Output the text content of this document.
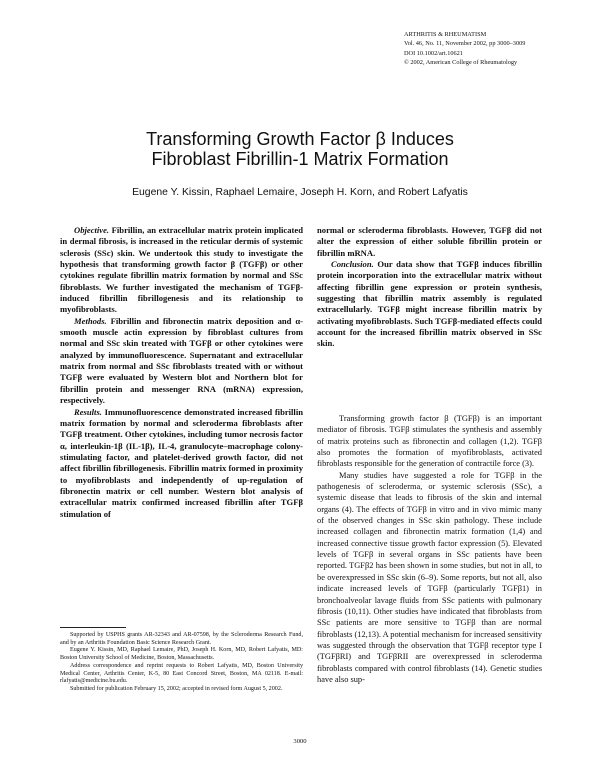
ARTHRITIS & RHEUMATISM
Vol. 46, No. 11, November 2002, pp 3000–3009
DOI 10.1002/art.10621
© 2002, American College of Rheumatology
Transforming Growth Factor β Induces
Fibroblast Fibrillin-1 Matrix Formation
Eugene Y. Kissin, Raphael Lemaire, Joseph H. Korn, and Robert Lafyatis

Objective. Fibrillin, an extracellular matrix protein implicated in dermal fibrosis, is increased in the reticular dermis of systemic sclerosis (SSc) skin. We undertook this study to investigate the hypothesis that transforming growth factor β (TGFβ) or other cytokines regulate fibrillin matrix formation by normal and SSc fibroblasts. We further investigated the mechanism of TGFβ-induced fibrillin fibrillogenesis and its relationship to myofibroblasts.

Methods. Fibrillin and fibronectin matrix deposition and α-smooth muscle actin expression by fibroblast cultures from normal and SSc skin treated with TGFβ or other cytokines were analyzed by immunofluorescence. Supernatant and extracellular matrix from normal and SSc fibroblasts treated with or without TGFβ were evaluated by Western blot and Northern blot for fibrillin protein and messenger RNA (mRNA) expression, respectively.

Results. Immunofluorescence demonstrated increased fibrillin matrix formation by normal and scleroderma fibroblasts after TGFβ treatment. Other cytokines, including tumor necrosis factor α, interleukin-1β (IL-1β), IL-4, granulocyte–macrophage colony-stimulating factor, and platelet-derived growth factor, did not affect fibrillin fibrillogenesis. Fibrillin matrix formed in proximity to myofibroblasts and independently of up-regulation of fibronectin matrix or cell number. Western blot analysis of extracellular matrix confirmed increased fibrillin after TGFβ stimulation of

normal or scleroderma fibroblasts. However, TGFβ did not alter the expression of either soluble fibrillin protein or fibrillin mRNA.

Conclusion. Our data show that TGFβ induces fibrillin protein incorporation into the extracellular matrix without affecting fibrillin gene expression or protein synthesis, suggesting that fibrillin matrix assembly is regulated extracellularly. TGFβ might increase fibrillin matrix by activating myofibroblasts. Such TGFβ-mediated effects could account for the increased fibrillin matrix observed in SSc skin.

Transforming growth factor β (TGFβ) is an important mediator of fibrosis. TGFβ stimulates the synthesis and assembly of matrix proteins such as fibronectin and collagen (1,2). TGFβ also promotes the formation of myofibroblasts, activated fibroblasts responsible for the generation of contractile force (3).

Many studies have suggested a role for TGFβ in the pathogenesis of scleroderma, or systemic sclerosis (SSc), a systemic disease that leads to fibrosis of the skin and internal organs (4). The effects of TGFβ in vitro and in vivo mimic many of the observed changes in SSc skin pathology. These include increased collagen and fibronectin matrix formation (1,4) and increased connective tissue growth factor expression (5). Elevated levels of TGFβ in several organs in SSc patients have been reported. TGFβ2 has been shown in some studies, but not in all, to be overexpressed in SSc skin (6–9). Some reports, but not all, also indicate increased levels of TGFβ (particularly TGFβ1) in bronchoalveolar lavage fluids from SSc patients with pulmonary fibrosis (10,11). Other studies have indicated that fibroblasts from SSc patients are more sensitive to TGFβ than are normal fibroblasts (12,13). A potential mechanism for increased sensitivity was suggested through the observation that TGFβ receptor type I (TGFβRI) and TGFβRII are overexpressed in scleroderma fibroblasts compared with control fibroblasts (14). Genetic studies have also sup-

Supported by USPHS grants AR-32343 and AR-07598, by the Scleroderma Research Fund, and by an Arthritis Foundation Basic Science Research Grant.

Eugene Y. Kissin, MD, Raphael Lemaire, PhD, Joseph H. Korn, MD, Robert Lafyatis, MD: Boston University School of Medicine, Boston, Massachusetts.

Address correspondence and reprint requests to Robert Lafyatis, MD, Boston University Medical Center, Arthritis Center, K-5, 80 East Concord Street, Boston, MA 02118. E-mail: rlafyatis@medicine.bu.edu.

Submitted for publication February 15, 2002; accepted in revised form August 5, 2002.

3000
